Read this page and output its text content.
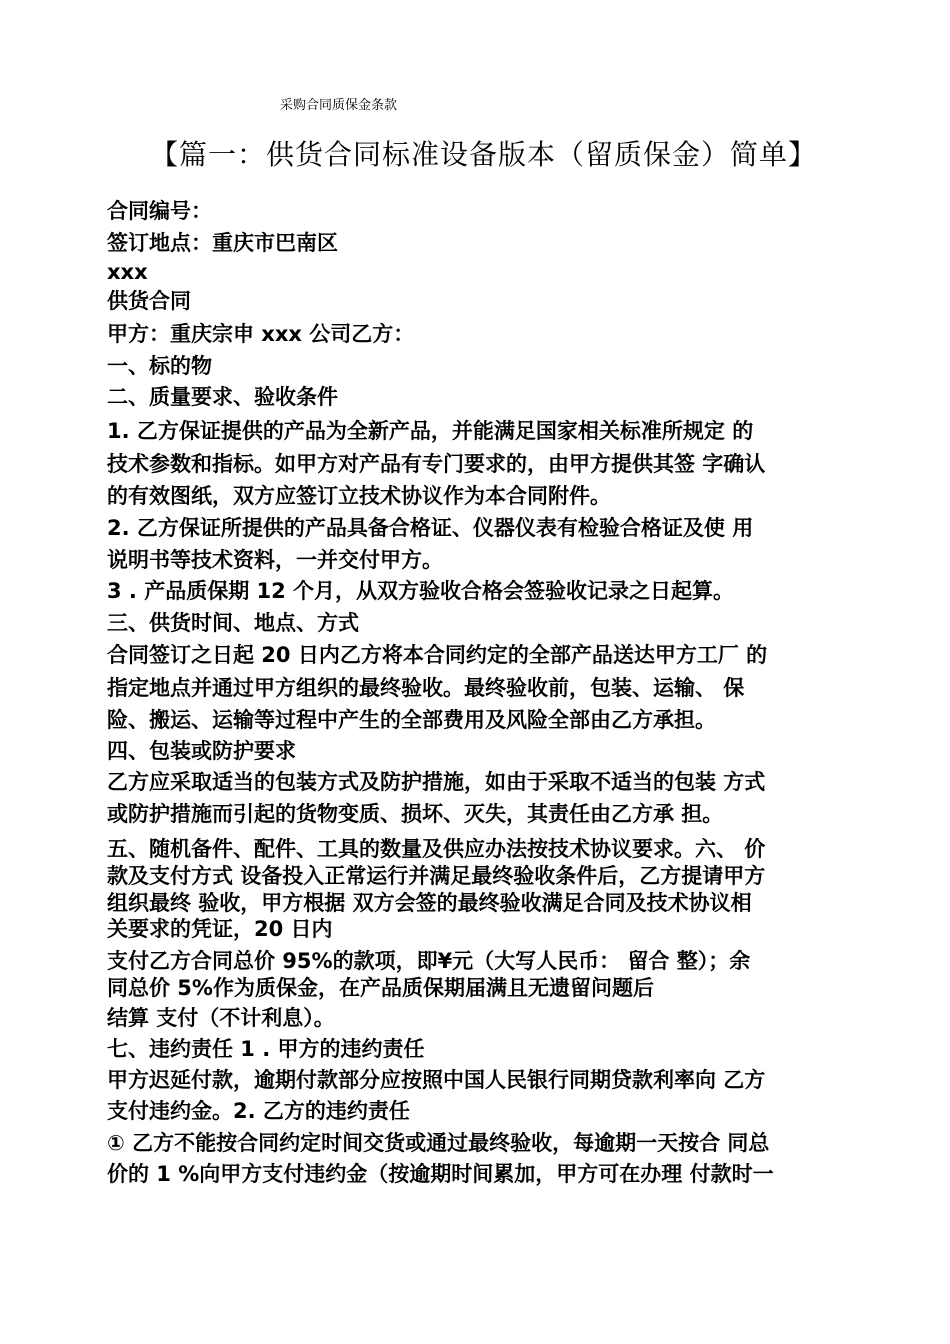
采购合同质保金条款
【篇一：供货合同标准设备版本（留质保金）简单】
合同编号：
签订地点：重庆市巴南区
xxx
供货合同
甲方：重庆宗申 xxx 公司乙方：
一、标的物
二、质量要求、验收条件
1. 乙方保证提供的产品为全新产品，并能满足国家相关标准所规定 的
技术参数和指标。如甲方对产品有专门要求的，由甲方提供其签 字确认
的有效图纸，双方应签订立技术协议作为本合同附件。
2. 乙方保证所提供的产品具备合格证、仪器仪表有检验合格证及使 用
说明书等技术资料，一并交付甲方。
3 . 产品质保期 12 个月，从双方验收合格会签验收记录之日起算。
三、供货时间、地点、方式
合同签订之日起 20 日内乙方将本合同约定的全部产品送达甲方工厂 的
指定地点并通过甲方组织的最终验收。最终验收前，包装、运输、 保
险、搬运、运输等过程中产生的全部费用及风险全部由乙方承担。
四、包装或防护要求
乙方应采取适当的包装方式及防护措施，如由于采取不适当的包装 方式
或防护措施而引起的货物变质、损坏、灭失，其责任由乙方承 担。
五、随机备件、配件、工具的数量及供应办法按技术协议要求。六、 价
款及支付方式 设备投入正常运行并满足最终验收条件后，乙方提请甲方
组织最终 验收，甲方根据 双方会签的最终验收满足合同及技术协议相
关要求的凭证，20 日内
支付乙方合同总价 95%的款项，即¥元（大写人民币： 留合 整）；余
同总价 5%作为质保金，在产品质保期届满且无遗留问题后
结算 支付（不计利息）。
七、违约责任 1 . 甲方的违约责任
甲方迟延付款，逾期付款部分应按照中国人民银行同期贷款利率向 乙方
支付违约金。2. 乙方的违约责任
① 乙方不能按合同约定时间交货或通过最终验收，每逾期一天按合 同总
价的 1 %向甲方支付违约金（按逾期时间累加，甲方可在办理 付款时一
